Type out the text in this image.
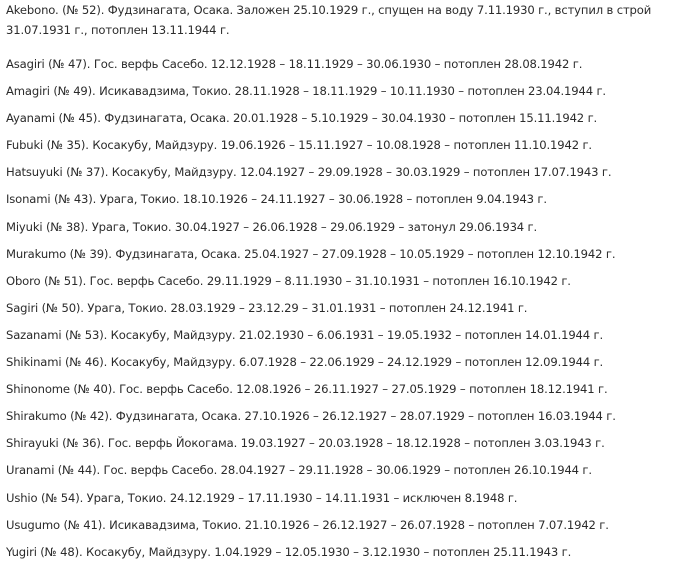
Akebono. (№ 52). Фудзинагата, Осака. Заложен 25.10.1929 г., спущен на воду 7.11.1930 г., вступил в строй 31.07.1931 г., потоплен 13.11.1944 г.

Asagiri (№ 47). Гос. верфь Сасебо. 12.12.1928 – 18.11.1929 – 30.06.1930 – потоплен 28.08.1942 г.

Amagiri (№ 49). Исикавадзима, Токио. 28.11.1928 – 18.11.1929 – 10.11.1930 – потоплен 23.04.1944 г.

Ayanami (№ 45). Фудзинагата, Осака. 20.01.1928 – 5.10.1929 – 30.04.1930 – потоплен 15.11.1942 г.

Fubuki (№ 35). Косакубу, Майдзуру. 19.06.1926 – 15.11.1927 – 10.08.1928 – потоплен 11.10.1942 г.

Hatsuyuki (№ 37). Косакубу, Майдзуру. 12.04.1927 – 29.09.1928 – 30.03.1929 – потоплен 17.07.1943 г.

Isonami (№ 43). Урага, Токио. 18.10.1926 – 24.11.1927 – 30.06.1928 – потоплен 9.04.1943 г.

Miyuki (№ 38). Урага, Токио. 30.04.1927 – 26.06.1928 – 29.06.1929 – затонул 29.06.1934 г.

Murakumo (№ 39). Фудзинагата, Осака. 25.04.1927 – 27.09.1928 – 10.05.1929 – потоплен 12.10.1942 г.

Oboro (№ 51). Гос. верфь Сасебо. 29.11.1929 – 8.11.1930 – 31.10.1931 – потоплен 16.10.1942 г.

Sagiri (№ 50). Урага, Токио. 28.03.1929 – 23.12.29 – 31.01.1931 – потоплен 24.12.1941 г.

Sazanami (№ 53). Косакубу, Майдзуру. 21.02.1930 – 6.06.1931 – 19.05.1932 – потоплен 14.01.1944 г.

Shikinami (№ 46). Косакубу, Майдзуру. 6.07.1928 – 22.06.1929 – 24.12.1929 – потоплен 12.09.1944 г.

Shinonome (№ 40). Гос. верфь Сасебо. 12.08.1926 – 26.11.1927 – 27.05.1929 – потоплен 18.12.1941 г.

Shirakumo (№ 42). Фудзинагата, Осака. 27.10.1926 – 26.12.1927 – 28.07.1929 – потоплен 16.03.1944 г.

Shirayuki (№ 36). Гос. верфь Йокогама. 19.03.1927 – 20.03.1928 – 18.12.1928 – потоплен 3.03.1943 г.

Uranami (№ 44). Гос. верфь Сасебо. 28.04.1927 – 29.11.1928 – 30.06.1929 – потоплен 26.10.1944 г.

Ushio (№ 54). Урага, Токио. 24.12.1929 – 17.11.1930 – 14.11.1931 – исключен 8.1948 г.

Usugumo (№ 41). Исикавадзима, Токио. 21.10.1926 – 26.12.1927 – 26.07.1928 – потоплен 7.07.1942 г.

Yugiri (№ 48). Косакубу, Майдзуру. 1.04.1929 – 12.05.1930 – 3.12.1930 – потоплен 25.11.1943 г.
